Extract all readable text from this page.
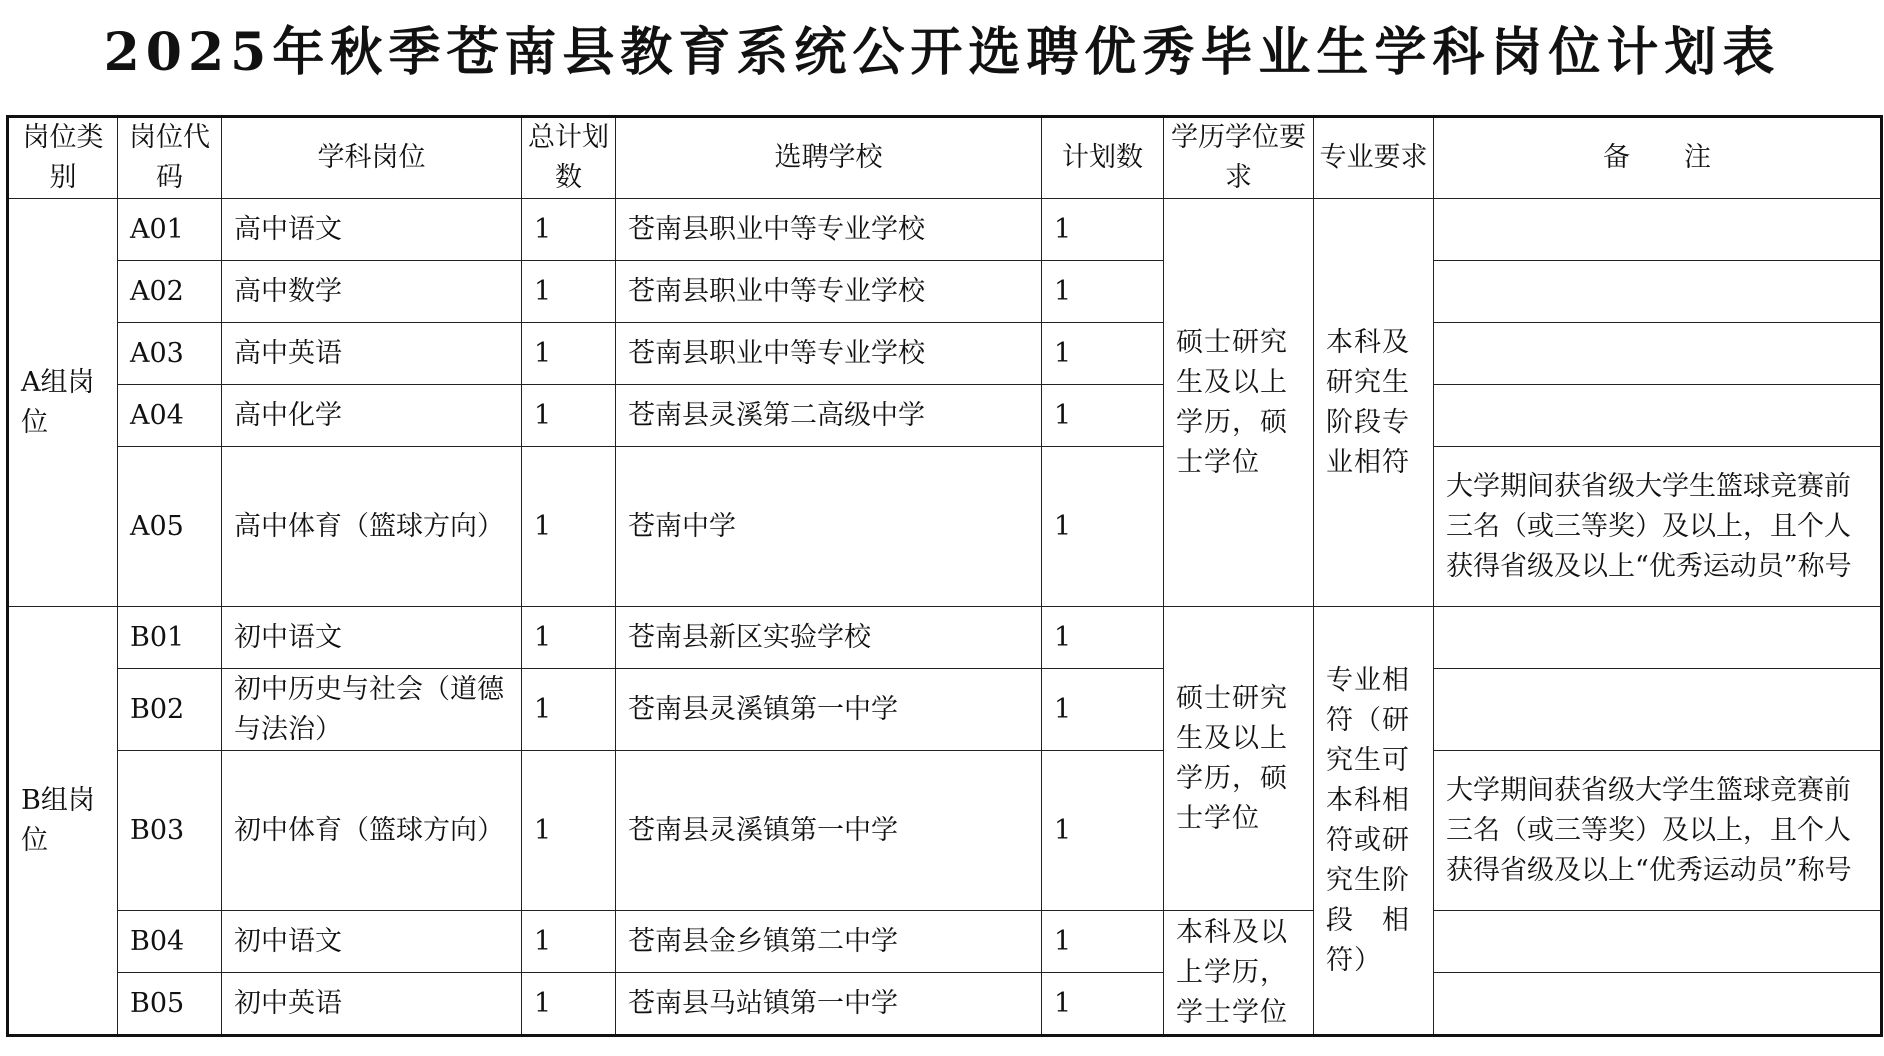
2025年秋季苍南县教育系统公开选聘优秀毕业生学科岗位计划表
岗位类别	岗位代码	学科岗位	总计划数	选聘学校	计划数	学历学位要求	专业要求	备　　注
A组岗位	A01	高中语文	1	苍南县职业中等专业学校	1	硕士研究生及以上学历，硕士学位	本科及研究生阶段专业相符	
	A02	高中数学	1	苍南县职业中等专业学校	1			
	A03	高中英语	1	苍南县职业中等专业学校	1			
	A04	高中化学	1	苍南县灵溪第二高级中学	1			
	A05	高中体育（篮球方向）	1	苍南中学	1			大学期间获省级大学生篮球竞赛前三名（或三等奖）及以上，且个人获得省级及以上“优秀运动员”称号
B组岗位	B01	初中语文	1	苍南县新区实验学校	1	硕士研究生及以上学历，硕士学位	专业相符（研究生可本科相符或研究生阶段　相符）	
	B02	初中历史与社会（道德与法治）	1	苍南县灵溪镇第一中学	1			
	B03	初中体育（篮球方向）	1	苍南县灵溪镇第一中学	1			大学期间获省级大学生篮球竞赛前三名（或三等奖）及以上，且个人获得省级及以上“优秀运动员”称号
	B04	初中语文	1	苍南县金乡镇第二中学	1	本科及以上学历，学士学位		
	B05	初中英语	1	苍南县马站镇第一中学	1			
